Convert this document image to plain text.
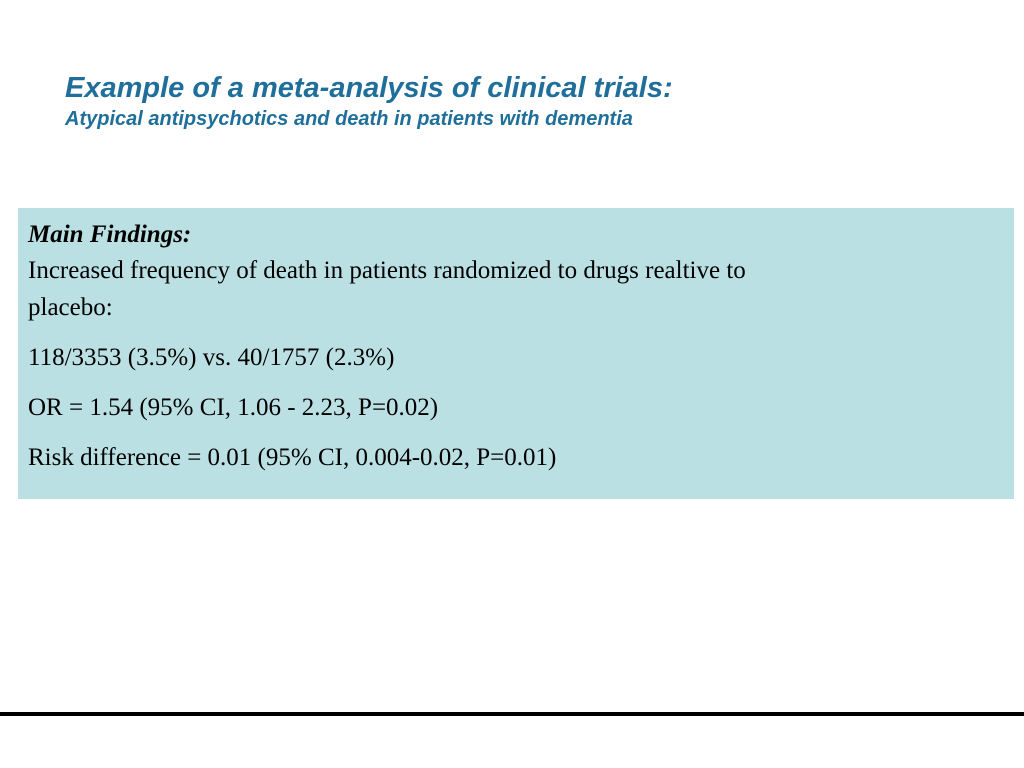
Example of a meta-analysis of clinical trials:
Atypical antipsychotics and death in patients with dementia
Main Findings:

Increased frequency of death in patients randomized to drugs realtive to

placebo:

118/3353 (3.5%) vs. 40/1757 (2.3%)

OR = 1.54 (95% CI, 1.06 - 2.23, P=0.02)

Risk difference = 0.01 (95% CI, 0.004-0.02, P=0.01)
